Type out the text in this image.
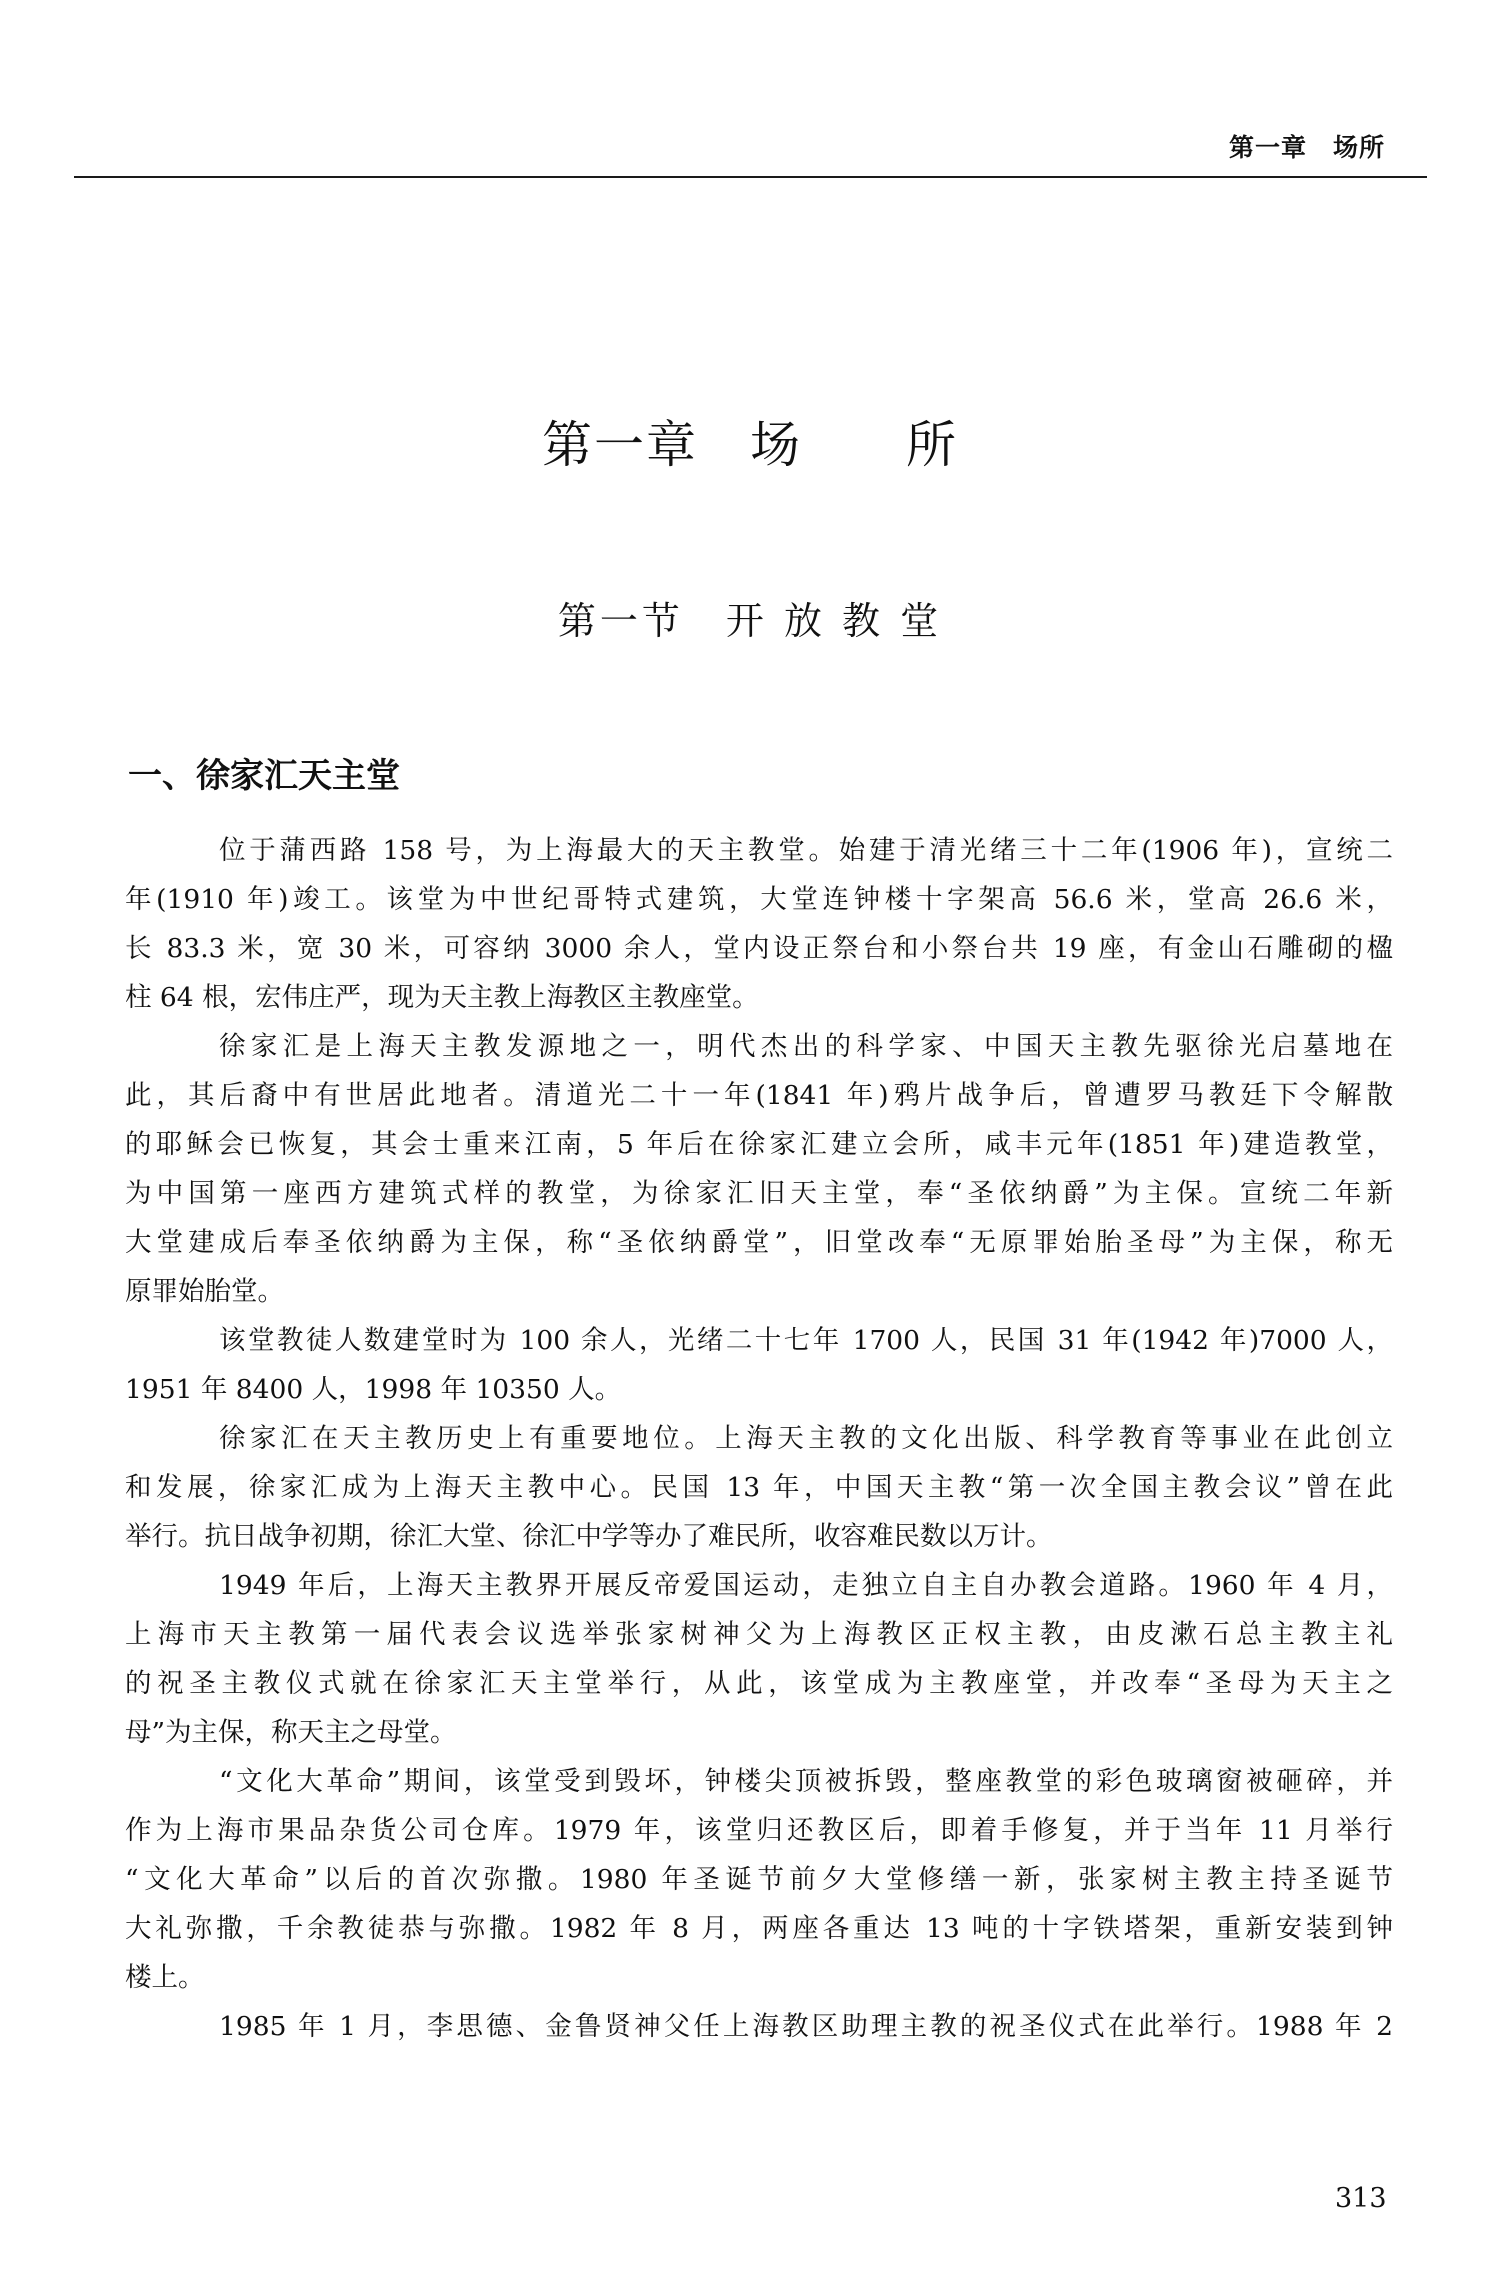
第一章　场所
第一章　场　　所
第一节　开 放 教 堂
一、徐家汇天主堂
位于蒲西路 158 号，为上海最大的天主教堂。始建于清光绪三十二年(1906 年)，宣统二
年(1910 年)竣工。该堂为中世纪哥特式建筑，大堂连钟楼十字架高 56.6 米，堂高 26.6 米，
长 83.3 米，宽 30 米，可容纳 3000 余人，堂内设正祭台和小祭台共 19 座，有金山石雕砌的楹
柱 64 根，宏伟庄严，现为天主教上海教区主教座堂。
徐家汇是上海天主教发源地之一，明代杰出的科学家、中国天主教先驱徐光启墓地在
此，其后裔中有世居此地者。清道光二十一年(1841 年)鸦片战争后，曾遭罗马教廷下令解散
的耶稣会已恢复，其会士重来江南，5 年后在徐家汇建立会所，咸丰元年(1851 年)建造教堂，
为中国第一座西方建筑式样的教堂，为徐家汇旧天主堂，奉“圣依纳爵”为主保。宣统二年新
大堂建成后奉圣依纳爵为主保，称“圣依纳爵堂”，旧堂改奉“无原罪始胎圣母”为主保，称无
原罪始胎堂。
该堂教徒人数建堂时为 100 余人，光绪二十七年 1700 人，民国 31 年(1942 年)7000 人，
1951 年 8400 人，1998 年 10350 人。
徐家汇在天主教历史上有重要地位。上海天主教的文化出版、科学教育等事业在此创立
和发展，徐家汇成为上海天主教中心。民国 13 年，中国天主教“第一次全国主教会议”曾在此
举行。抗日战争初期，徐汇大堂、徐汇中学等办了难民所，收容难民数以万计。
1949 年后，上海天主教界开展反帝爱国运动，走独立自主自办教会道路。1960 年 4 月，
上海市天主教第一届代表会议选举张家树神父为上海教区正权主教，由皮漱石总主教主礼
的祝圣主教仪式就在徐家汇天主堂举行，从此，该堂成为主教座堂，并改奉“圣母为天主之
母”为主保，称天主之母堂。
“文化大革命”期间，该堂受到毁坏，钟楼尖顶被拆毁，整座教堂的彩色玻璃窗被砸碎，并
作为上海市果品杂货公司仓库。1979 年，该堂归还教区后，即着手修复，并于当年 11 月举行
“文化大革命”以后的首次弥撒。1980 年圣诞节前夕大堂修缮一新，张家树主教主持圣诞节
大礼弥撒，千余教徒恭与弥撒。1982 年 8 月，两座各重达 13 吨的十字铁塔架，重新安装到钟
楼上。
1985 年 1 月，李思德、金鲁贤神父任上海教区助理主教的祝圣仪式在此举行。1988 年 2
313
